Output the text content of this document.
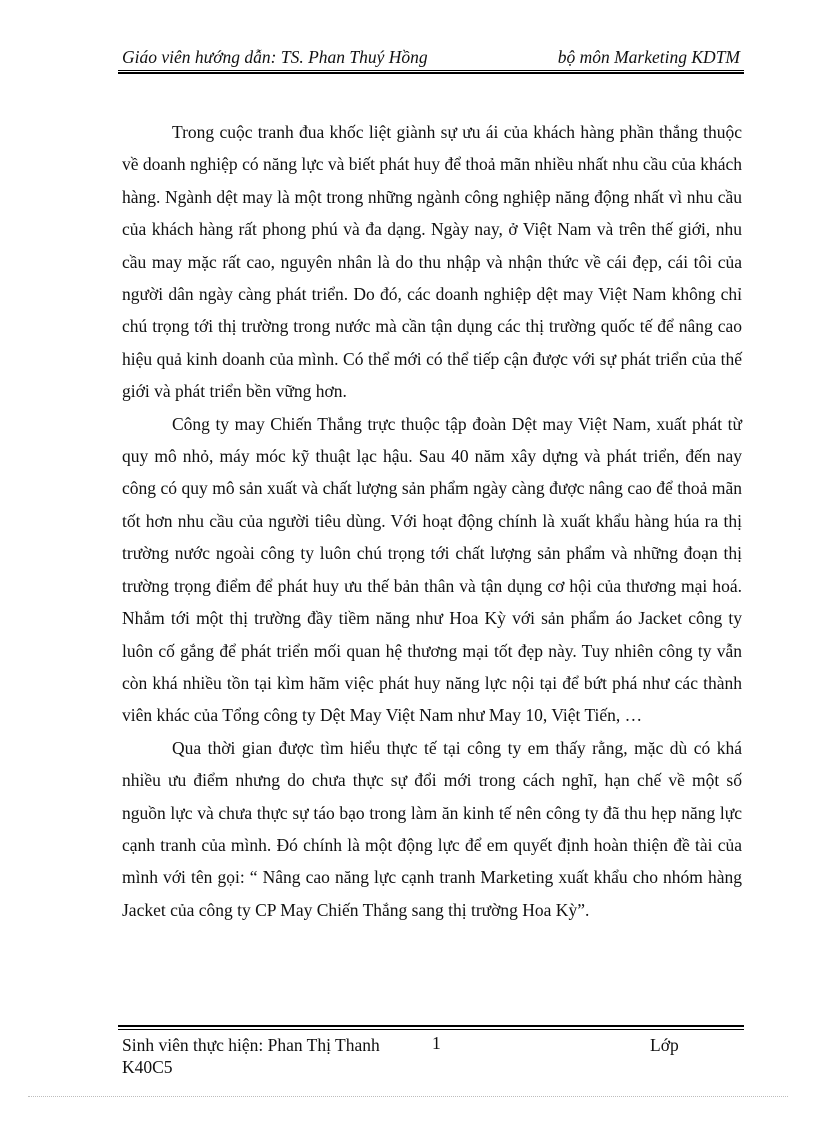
Giáo viên hướng dẫn: TS. Phan Thuý Hồng	bộ môn Marketing KDTM

Trong cuộc tranh đua khốc liệt giành sự ưu ái của khách hàng phần thắng thuộc về doanh nghiệp có năng lực và biết phát huy để thoả mãn nhiều nhất nhu cầu của khách hàng. Ngành dệt may là một trong những ngành công nghiệp năng động nhất vì nhu cầu của khách hàng rất phong phú và đa dạng. Ngày nay, ở Việt Nam và trên thế giới, nhu cầu may mặc rất cao, nguyên nhân là do thu nhập và nhận thức về cái đẹp, cái tôi của người dân ngày càng phát triển. Do đó, các doanh nghiệp dệt may Việt Nam không chỉ chú trọng tới thị trường trong nước mà cần tận dụng các thị trường quốc tế để nâng cao hiệu quả kinh doanh của mình. Có thể mới có thể tiếp cận được với sự phát triển của thế giới và phát triển bền vững hơn.

Công ty may Chiến Thắng trực thuộc tập đoàn Dệt may Việt Nam, xuất phát từ quy mô nhỏ, máy móc kỹ thuật lạc hậu. Sau 40 năm xây dựng và phát triển, đến nay công có quy mô sản xuất và chất lượng sản phẩm ngày càng được nâng cao để thoả mãn tốt hơn nhu cầu của người tiêu dùng. Với hoạt động chính là xuất khẩu hàng húa ra thị trường nước ngoài công ty luôn chú trọng tới chất lượng sản phẩm và những đoạn thị trường trọng điểm để phát huy ưu thế bản thân và tận dụng cơ hội của thương mại hoá. Nhắm tới một thị trường đầy tiềm năng như Hoa Kỳ với sản phẩm áo Jacket công ty luôn cố gắng để phát triển mối quan hệ thương mại tốt đẹp này. Tuy nhiên công ty vẫn còn khá nhiều tồn tại kìm hãm việc phát huy năng lực nội tại để bứt phá như các thành viên khác của Tổng công ty Dệt May Việt Nam như May 10, Việt Tiến, …

Qua thời gian được tìm hiểu thực tế tại công ty em thấy rằng, mặc dù có khá nhiều ưu điểm nhưng do chưa thực sự đổi mới trong cách nghĩ, hạn chế về một số nguồn lực và chưa thực sự táo bạo trong làm ăn kinh tế nên công ty đã thu hẹp năng lực cạnh tranh của mình. Đó chính là một động lực để em quyết định hoàn thiện đề tài của mình với tên gọi: “ Nâng cao năng lực cạnh tranh Marketing xuất khẩu cho nhóm hàng Jacket của công ty CP May Chiến Thắng sang thị trường Hoa Kỳ”.

Sinh viên thực hiện: Phan Thị Thanh	1	Lớp
K40C5
